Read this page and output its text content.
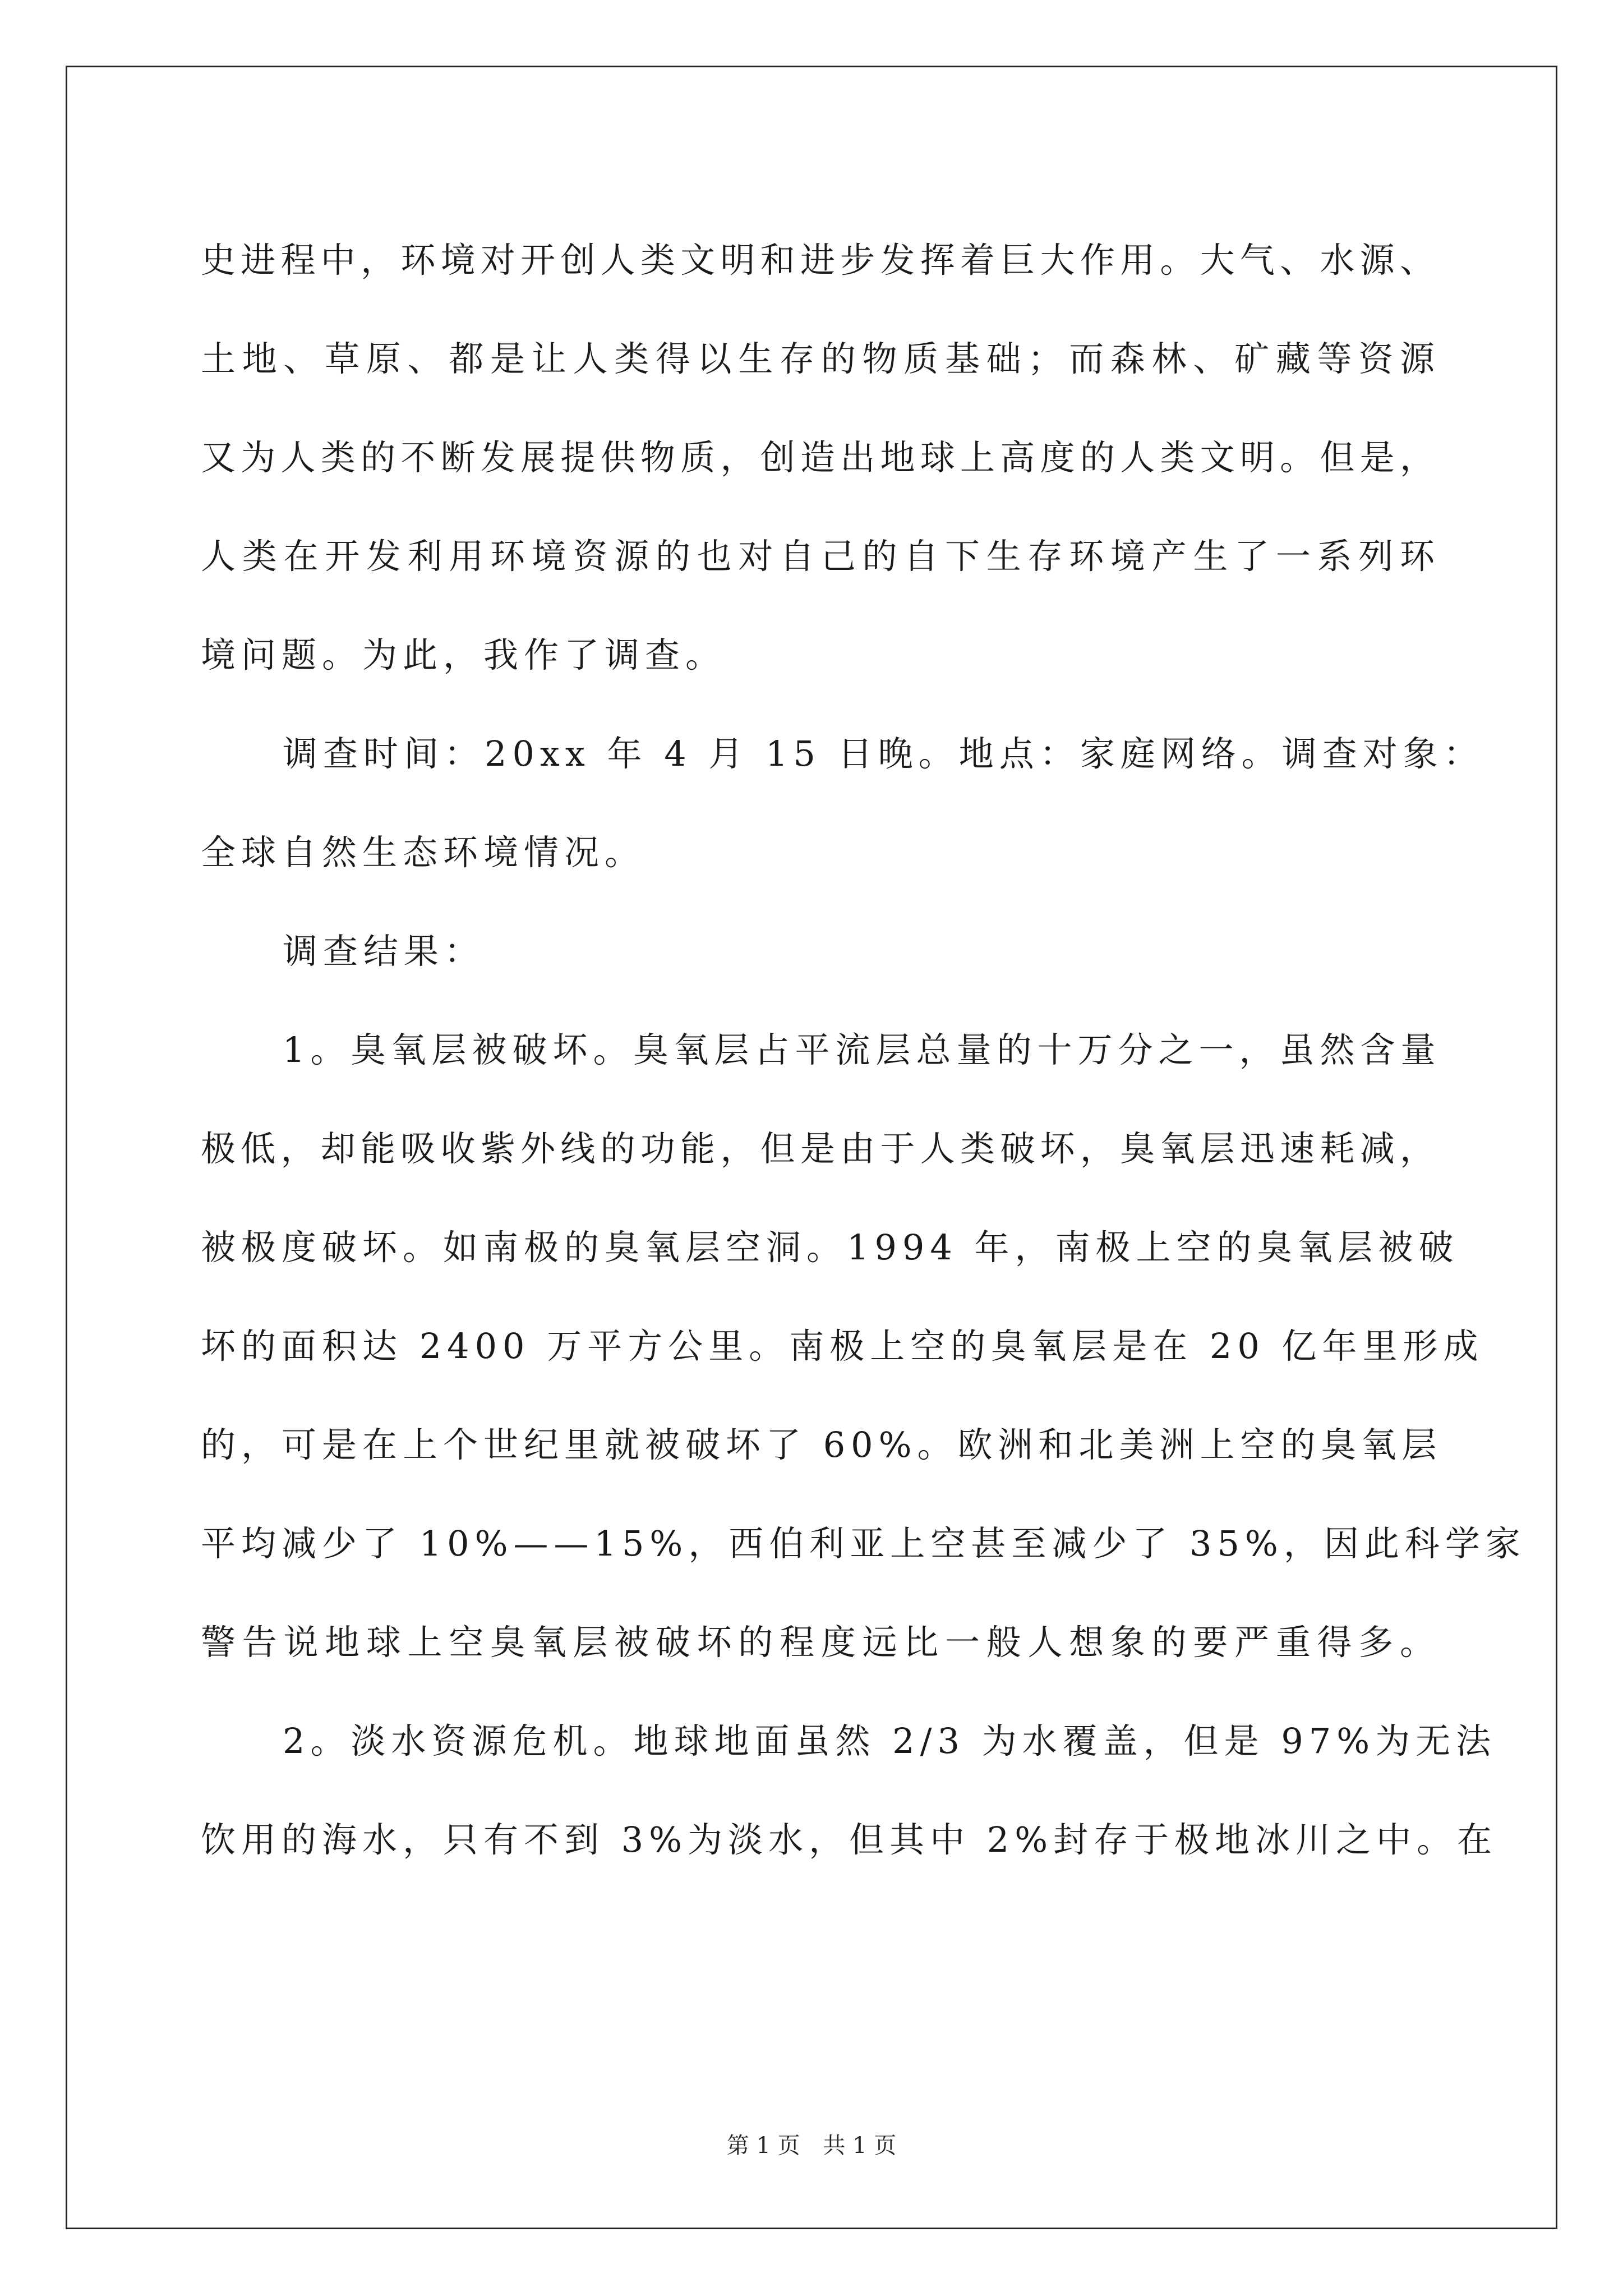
史进程中，环境对开创人类文明和进步发挥着巨大作用。大气、水源、
土地、草原、都是让人类得以生存的物质基础；而森林、矿藏等资源
又为人类的不断发展提供物质，创造出地球上高度的人类文明。但是，
人类在开发利用环境资源的也对自己的自下生存环境产生了一系列环
境问题。为此，我作了调查。
调查时间：20xx 年 4 月 15 日晚。地点：家庭网络。调查对象：
全球自然生态环境情况。
调查结果：
1。臭氧层被破坏。臭氧层占平流层总量的十万分之一，虽然含量
极低，却能吸收紫外线的功能，但是由于人类破坏，臭氧层迅速耗减，
被极度破坏。如南极的臭氧层空洞。1994 年，南极上空的臭氧层被破
坏的面积达 2400 万平方公里。南极上空的臭氧层是在 20 亿年里形成
的，可是在上个世纪里就被破坏了 60%。欧洲和北美洲上空的臭氧层
平均减少了 10%——15%，西伯利亚上空甚至减少了 35%，因此科学家
警告说地球上空臭氧层被破坏的程度远比一般人想象的要严重得多。
2。淡水资源危机。地球地面虽然 2/3 为水覆盖，但是 97%为无法
饮用的海水，只有不到 3%为淡水，但其中 2%封存于极地冰川之中。在
第 1 页 共 1 页
